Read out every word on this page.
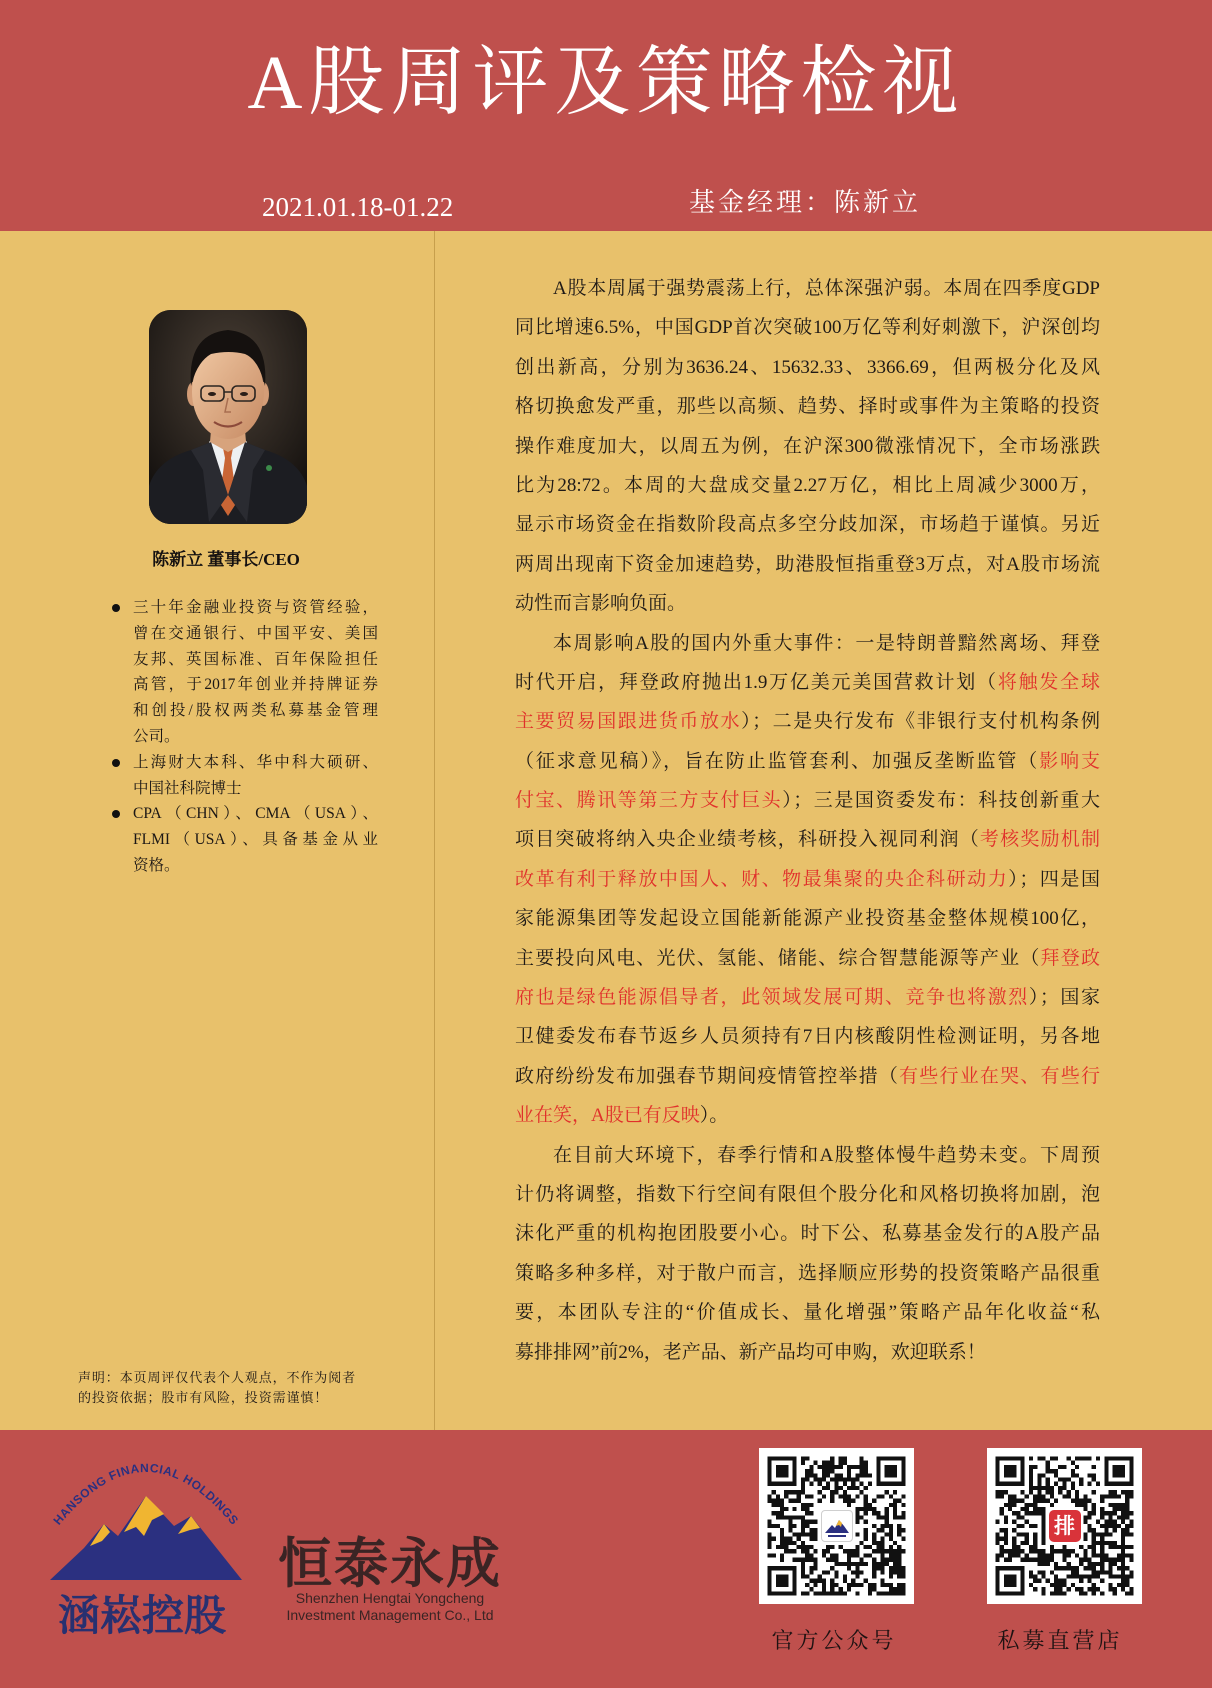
A股周评及策略检视
2021.01.18-01.22	基金经理：陈新立
陈新立 董事长/CEO
三十年金融业投资与资管经验，
曾在交通银行、中国平安、美国
友邦、英国标准、百年保险担任
高管，于2017年创业并持牌证券
和创投/股权两类私募基金管理
公司。
上海财大本科、华中科大硕研、
中国社科院博士
CPA（CHN）、CMA（USA）、
FLMI（USA）、具备基金从业
资格。
声明：本页周评仅代表个人观点，不作为阅者
的投资依据；股市有风险，投资需谨慎！
A股本周属于强势震荡上行，总体深强沪弱。本周在四季度GDP
同比增速6.5%，中国GDP首次突破100万亿等利好刺激下，沪深创均
创出新高，分别为3636.24、15632.33、3366.69，但两极分化及风
格切换愈发严重，那些以高频、趋势、择时或事件为主策略的投资
操作难度加大，以周五为例，在沪深300微涨情况下，全市场涨跌
比为28:72。本周的大盘成交量2.27万亿，相比上周减少3000万，
显示市场资金在指数阶段高点多空分歧加深，市场趋于谨慎。另近
两周出现南下资金加速趋势，助港股恒指重登3万点，对A股市场流
动性而言影响负面。
本周影响A股的国内外重大事件：一是特朗普黯然离场、拜登
时代开启，拜登政府抛出1.9万亿美元美国营救计划（将触发全球
主要贸易国跟进货币放水）；二是央行发布《非银行支付机构条例
（征求意见稿）》，旨在防止监管套利、加强反垄断监管（影响支
付宝、腾讯等第三方支付巨头）；三是国资委发布：科技创新重大
项目突破将纳入央企业绩考核，科研投入视同利润（考核奖励机制
改革有利于释放中国人、财、物最集聚的央企科研动力）；四是国
家能源集团等发起设立国能新能源产业投资基金整体规模100亿，
主要投向风电、光伏、氢能、储能、综合智慧能源等产业（拜登政
府也是绿色能源倡导者，此领域发展可期、竞争也将激烈）；国家
卫健委发布春节返乡人员须持有7日内核酸阴性检测证明，另各地
政府纷纷发布加强春节期间疫情管控举措（有些行业在哭、有些行
业在笑，A股已有反映）。
在目前大环境下，春季行情和A股整体慢牛趋势未变。下周预
计仍将调整，指数下行空间有限但个股分化和风格切换将加剧，泡
沫化严重的机构抱团股要小心。时下公、私募基金发行的A股产品
策略多种多样，对于散户而言，选择顺应形势的投资策略产品很重
要，本团队专注的“价值成长、量化增强”策略产品年化收益“私
募排排网”前2%，老产品、新产品均可申购，欢迎联系！
HANSONG FINANCIAL HOLDINGS
涵崧控股
恒泰永成
Shenzhen Hengtai Yongcheng
Investment Management Co., Ltd
排
官方公众号	私募直营店
